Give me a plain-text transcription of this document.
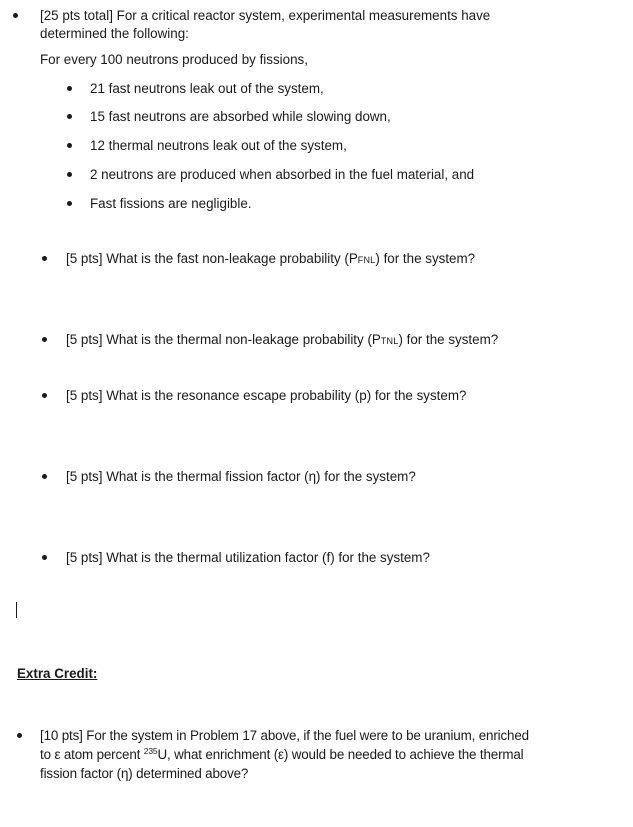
[25 pts total] For a critical reactor system, experimental measurements have
determined the following:
For every 100 neutrons produced by fissions,
21 fast neutrons leak out of the system,
15 fast neutrons are absorbed while slowing down,
12 thermal neutrons leak out of the system,
2 neutrons are produced when absorbed in the fuel material, and
Fast fissions are negligible.
[5 pts] What is the fast non-leakage probability (PFNL) for the system?
[5 pts] What is the thermal non-leakage probability (PTNL) for the system?
[5 pts] What is the resonance escape probability (p) for the system?
[5 pts] What is the thermal fission factor (η) for the system?
[5 pts] What is the thermal utilization factor (f) for the system?
Extra Credit:
[10 pts] For the system in Problem 17 above, if the fuel were to be uranium, enriched
to ε atom percent $^{235}$U, what enrichment (ε) would be needed to achieve the thermal
fission factor (η) determined above?
